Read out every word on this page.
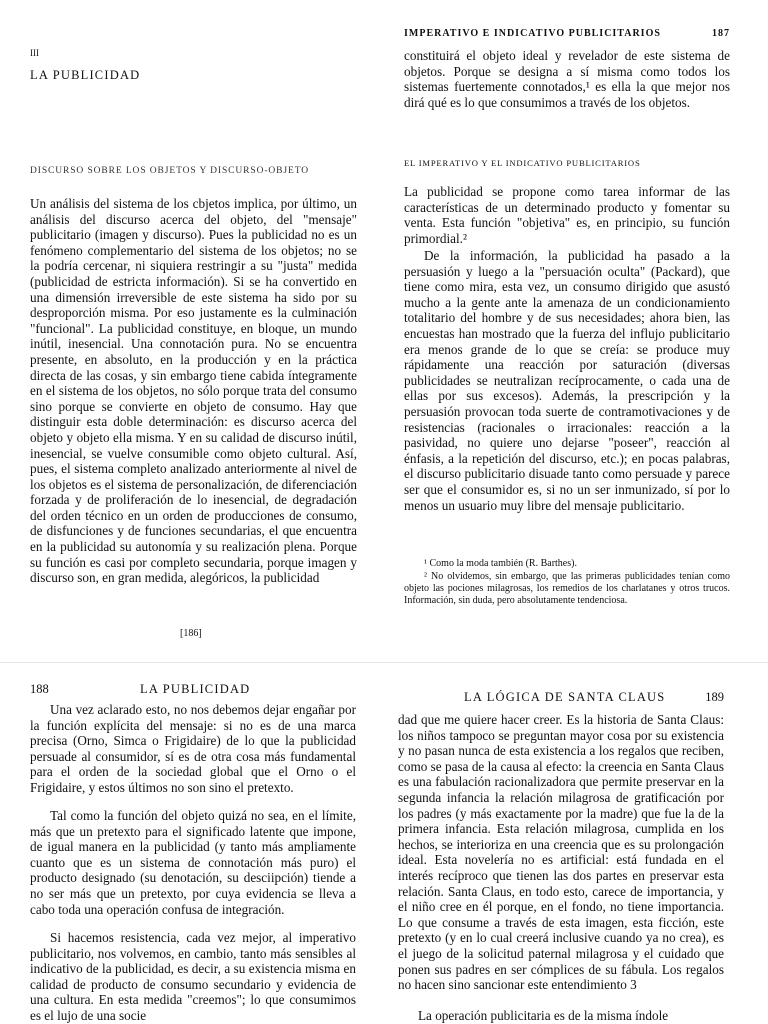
III
LA PUBLICIDAD
DISCURSO SOBRE LOS OBJETOS Y DISCURSO-OBJETO

Un análisis del sistema de los cbjetos implica, por último, un análisis del discurso acerca del objeto, del "mensaje" publicitario (imagen y discurso). Pues la publicidad no es un fenómeno complementario del sistema de los objetos; no se la podría cercenar, ni siquiera restringir a su "justa" medida (publicidad de estricta información). Si se ha convertido en una dimensión irreversible de este sistema ha sido por su desproporción misma. Por eso justamente es la culminación "funcional". La publicidad constituye, en bloque, un mundo inútil, inesencial. Una connotación pura. No se encuentra presente, en absoluto, en la producción y en la práctica directa de las cosas, y sin embargo tiene cabida íntegramente en el sistema de los objetos, no sólo porque trata del consumo sino porque se convierte en objeto de consumo. Hay que distinguir esta doble determinación: es discurso acerca del objeto y objeto ella misma. Y en su calidad de discurso inútil, inesencial, se vuelve consumible como objeto cultural. Así, pues, el sistema completo analizado anteriormente al nivel de los objetos es el sistema de personalización, de diferenciación forzada y de proliferación de lo inesencial, de degradación del orden técnico en un orden de producciones de consumo, de disfunciones y de funciones secundarias, el que encuentra en la publicidad su autonomía y su realización plena. Porque su función es casi por completo secundaria, porque imagen y discurso son, en gran medida, alegóricos, la publicidad

[186]
IMPERATIVO E INDICATIVO PUBLICITARIOS	187

constituirá el objeto ideal y revelador de este sistema de objetos. Porque se designa a sí misma como todos los sistemas fuertemente connotados,¹ es ella la que mejor nos dirá qué es lo que consumimos a través de los objetos.

EL IMPERATIVO Y EL INDICATIVO PUBLICITARIOS

La publicidad se propone como tarea informar de las características de un determinado producto y fomentar su venta. Esta función "objetiva" es, en principio, su función primordial.²

De la información, la publicidad ha pasado a la persuasión y luego a la "persuación oculta" (Packard), que tiene como mira, esta vez, un consumo dirigido que asustó mucho a la gente ante la amenaza de un condicionamiento totalitario del hombre y de sus necesidades; ahora bien, las encuestas han mostrado que la fuerza del influjo publicitario era menos grande de lo que se creía: se produce muy rápidamente una reacción por saturación (diversas publicidades se neutralizan recíprocamente, o cada una de ellas por sus excesos). Además, la prescripción y la persuasión provocan toda suerte de contramotivaciones y de resistencias (racionales o irracionales: reacción a la pasividad, no quiere uno dejarse "poseer", reacción al énfasis, a la repetición del discurso, etc.); en pocas palabras, el discurso publicitario disuade tanto como persuade y parece ser que el consumidor es, si no un ser inmunizado, sí por lo menos un usuario muy libre del mensaje publicitario.

¹ Como la moda también (R. Barthes).

² No olvidemos, sin embargo, que las primeras publicidades tenían como objeto las pociones milagrosas, los remedios de los charlatanes y otros trucos. Información, sin duda, pero absolutamente tendenciosa.

188	LA PUBLICIDAD

Una vez aclarado esto, no nos debemos dejar engañar por la función explícita del mensaje: si no es de una marca precisa (Orno, Simca o Frigidaire) de lo que la publicidad persuade al consumidor, sí es de otra cosa más fundamental para el orden de la sociedad global que el Orno o el Frigidaire, y estos últimos no son sino el pretexto.

Tal como la función del objeto quizá no sea, en el límite, más que un pretexto para el significado latente que impone, de igual manera en la publicidad (y tanto más ampliamente cuanto que es un sistema de connotación más puro) el producto designado (su denotación, su desciipción) tiende a no ser más que un pretexto, por cuya evidencia se lleva a cabo toda una operación confusa de integración.

Si hacemos resistencia, cada vez mejor, al imperativo publicitario, nos volvemos, en cambio, tanto más sensibles al indicativo de la publicidad, es decir, a su existencia misma en calidad de producto de consumo secundario y evidencia de una cultura. En esta medida "creemos"; lo que consumimos es el lujo de una socie

LA LÓGICA DE SANTA CLAUS	189

dad que me quiere hacer creer. Es la historia de Santa Claus: los niños tampoco se preguntan mayor cosa por su existencia y no pasan nunca de esta existencia a los regalos que reciben, como se pasa de la causa al efecto: la creencia en Santa Claus es una fabulación racionalizadora que permite preservar en la segunda infancia la relación milagrosa de gratificación por los padres (y más exactamente por la madre) que fue la de la primera infancia. Esta relación milagrosa, cumplida en los hechos, se interioriza en una creencia que es su prolongación ideal. Esta novelería no es artificial: está fundada en el interés recíproco que tienen las dos partes en preservar esta relación. Santa Claus, en todo esto, carece de importancia, y el niño cree en él porque, en el fondo, no tiene importancia. Lo que consume a través de esta imagen, esta ficción, este pretexto (y en lo cual creerá inclusive cuando ya no crea), es el juego de la solicitud paternal milagrosa y el cuidado que ponen sus padres en ser cómplices de su fábula. Los regalos no hacen sino sancionar este entendimiento 3

La operación publicitaria es de la misma índole
